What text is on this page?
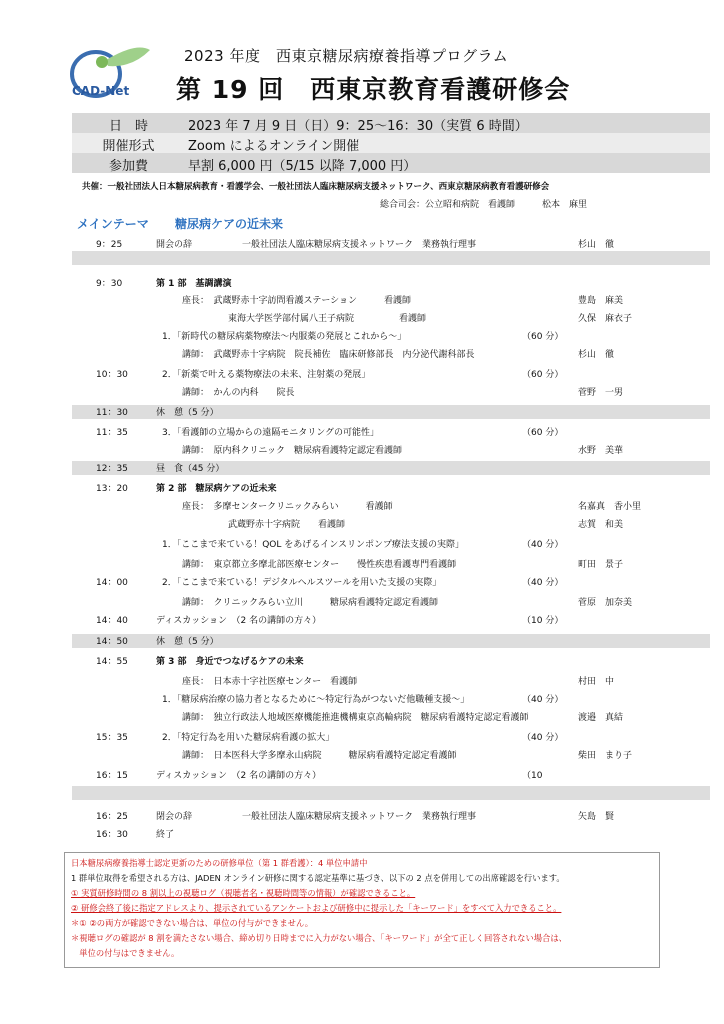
CAD-Net
2023 年度　西東京糖尿病療養指導プログラム
第 19 回　西東京教育看護研修会
日　時	2023 年 7 月 9 日（日）9：25〜16：30（実質 6 時間）
開催形式	Zoom によるオンライン開催
参加費	早割 6,000 円（5/15 以降 7,000 円）
共催：一般社団法人日本糖尿病教育・看護学会、一般社団法人臨床糖尿病支援ネットワーク、西東京糖尿病教育看護研修会
総合司会：公立昭和病院　看護師　　　松本　麻里
メインテーマ 糖尿病ケアの近未来
9：25	開会の辞	一般社団法人臨床糖尿病支援ネットワーク　業務執行理事	杉山　徹
9：30	第 1 部　基調講演
座長：　武蔵野赤十字訪問看護ステーション　　　看護師	豊島　麻美
東海大学医学部付属八王子病院　　　　　看護師	久保　麻衣子
1．「新時代の糖尿病薬物療法〜内服薬の発展とこれから〜」	（60 分）
講師：　武蔵野赤十字病院　院長補佐　臨床研修部長　内分泌代謝科部長	杉山　徹
10：30	2．「新薬で叶える薬物療法の未来、注射薬の発展」	（60 分）
講師：　かんの内科　　院長	菅野　一男
11：30	休　憩（5 分）
11：35	3．「看護師の立場からの遠隔モニタリングの可能性」	（60 分）
講師：　原内科クリニック　糖尿病看護特定認定看護師	水野　美華
12：35	昼　食（45 分）
13：20	第 2 部　糖尿病ケアの近未来
座長：　多摩センタークリニックみらい　　　看護師	名嘉真　香小里
武蔵野赤十字病院　　看護師	志賀　和美
1．「ここまで来ている！QOL をあげるインスリンポンプ療法支援の実際」	（40 分）
講師：　東京都立多摩北部医療センター　　慢性疾患看護専門看護師	町田　景子
14：00	2．「ここまで来ている！デジタルヘルスツールを用いた支援の実際」	（40 分）
講師：　クリニックみらい立川　　　糖尿病看護特定認定看護師	菅原　加奈美
14：40	ディスカッション　（2 名の講師の方々）	（10 分）
14：50	休　憩（5 分）
14：55	第 3 部　身近でつなげるケアの未来
座長：　日本赤十字社医療センター　看護師	村田　中
1．「糖尿病治療の協力者となるために〜特定行為がつないだ他職種支援〜」	（40 分）
講師：　独立行政法人地域医療機能推進機構東京高輪病院　糖尿病看護特定認定看護師	渡邉　真結
15：35	2．「特定行為を用いた糖尿病看護の拡大」	（40 分）
講師：　日本医科大学多摩永山病院　　　糖尿病看護特定認定看護師	柴田　まり子
16：15	ディスカッション　（2 名の講師の方々）	（10
16：25	閉会の辞	一般社団法人臨床糖尿病支援ネットワーク　業務執行理事	矢島　賢
16：30	終了
日本糖尿病療養指導士認定更新のための研修単位（第 1 群看護）：4 単位申請中
1 群単位取得を希望される方は、JADEN オンライン研修に関する認定基準に基づき、以下の 2 点を併用しての出席確認を行います。
① 実質研修時間の 8 割以上の視聴ログ（視聴者名・視聴時間等の情報）が確認できること。
② 研修会終了後に指定アドレスより、提示されているアンケートおよび研修中に提示した「キーワード」をすべて入力できること。
＊① ②の両方が確認できない場合は、単位の付与ができません。
＊視聴ログの確認が 8 割を満たさない場合、締め切り日時までに入力がない場合、「キーワード」が全て正しく回答されない場合は、
　単位の付与はできません。
